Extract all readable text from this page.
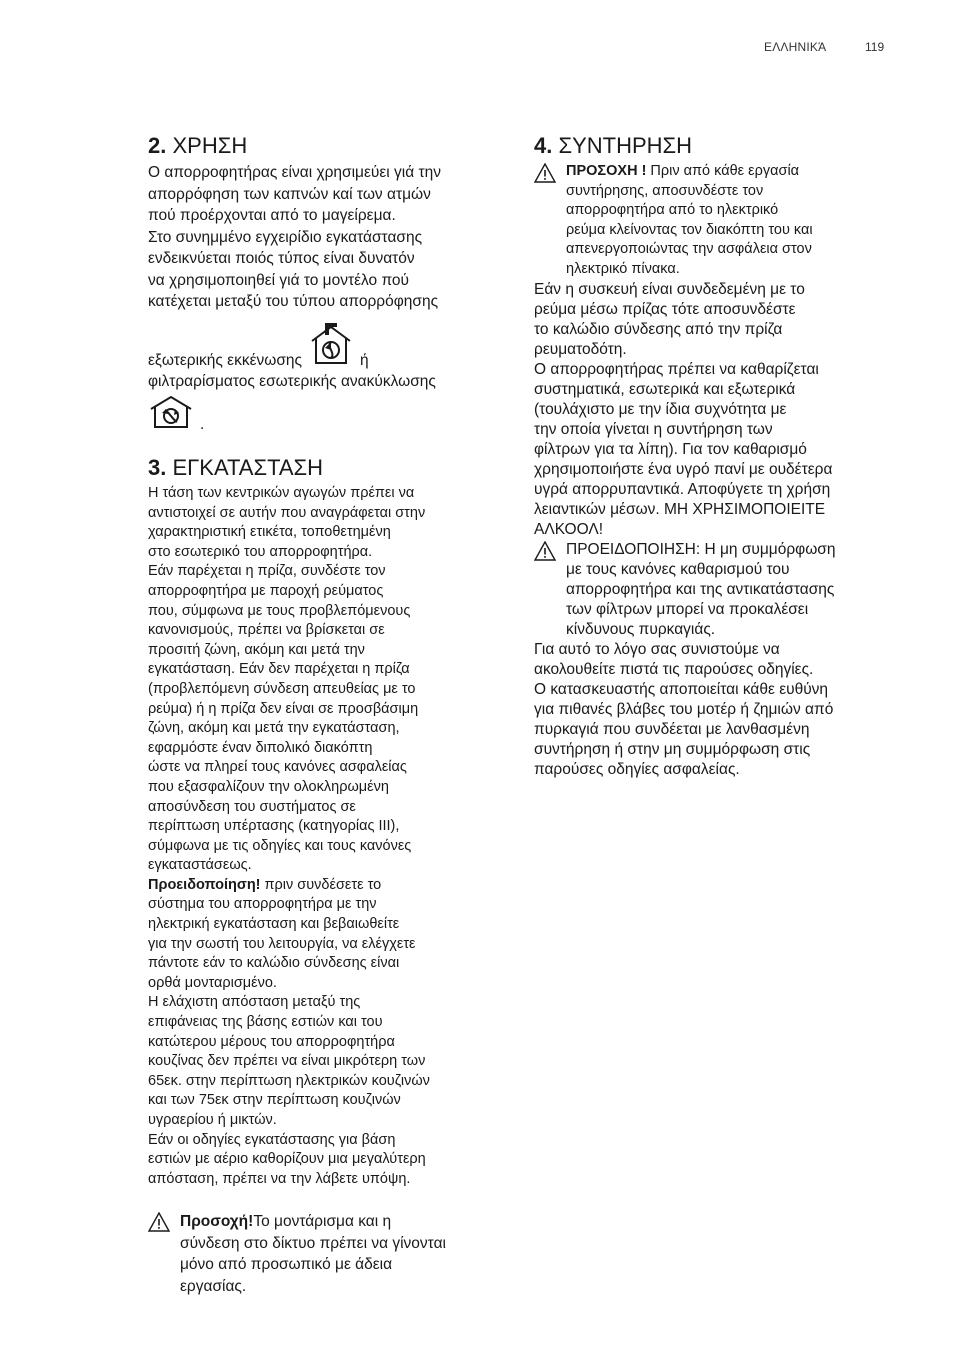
ΕΛΛΗΝΙΚΆ	119
2. ΧΡΗΣΗ

Ο απορροφητήρας είναι χρησιμεύει γιά την

απορρόφηση των καπνών καί των ατμών

πού προέρχονται από το μαγείρεμα.

Στο συνημμένο εγχειρίδιο εγκατάστασης

ενδεικνύεται ποιός τύπος είναι δυνατόν

να χρησιμοποιηθεί γιά το μοντέλο πού

κατέχεται μεταξύ του τύπου απορρόφησης

εξωτερικής εκκένωσης	ή

φιλτραρίσματος εσωτερικής ανακύκλωσης

.
3. ΕΓΚΑΤΑΣΤΑΣΗ

Η τάση των κεντρικών αγωγών πρέπει να

αντιστοιχεί σε αυτήν που αναγράφεται στην

χαρακτηριστική ετικέτα, τοποθετημένη

στο εσωτερικό του απορροφητήρα.

Εάν παρέχεται η πρίζα, συνδέστε τον

απορροφητήρα με παροχή ρεύματος

που, σύμφωνα με τους προβλεπόμενους

κανονισμούς, πρέπει να βρίσκεται σε

προσιτή ζώνη, ακόμη και μετά την

εγκατάσταση. Εάν δεν παρέχεται η πρίζα

(προβλεπόμενη σύνδεση απευθείας με το

ρεύμα) ή η πρίζα δεν είναι σε προσβάσιμη

ζώνη, ακόμη και μετά την εγκατάσταση,

εφαρμόστε έναν διπολικό διακόπτη

ώστε να πληρεί τους κανόνες ασφαλείας

που εξασφαλίζουν την ολοκληρωμένη

αποσύνδεση του συστήματος σε

περίπτωση υπέρτασης (κατηγορίας III),

σύμφωνα με τις οδηγίες και τους κανόνες

εγκαταστάσεως.

Προειδοποίηση! πριν συνδέσετε το

σύστημα του απορροφητήρα με την

ηλεκτρική εγκατάσταση και βεβαιωθείτε

για την σωστή του λειτουργία, να ελέγχετε

πάντοτε εάν το καλώδιο σύνδεσης είναι

ορθά μονταρισμένο.

Η ελάχιστη απόσταση μεταξύ της

επιφάνειας της βάσης εστιών και του

κατώτερου μέρους του απορροφητήρα

κουζίνας δεν πρέπει να είναι μικρότερη των

65εκ. στην περίπτωση ηλεκτρικών κουζινών

και των 75εκ στην περίπτωση κουζινών

υγραερίου ή μικτών.

Εάν οι οδηγίες εγκατάστασης για βάση

εστιών με αέριο καθορίζουν μια μεγαλύτερη

απόσταση, πρέπει να την λάβετε υπόψη.

Προσοχή!Το μοντάρισμα και η

σύνδεση στο δίκτυο πρέπει να γίνονται

μόνο από προσωπικό με άδεια

εργασίας.

4. ΣΥΝΤΗΡΗΣΗ

ΠΡΟΣΟΧΗ ! Πριν από κάθε εργασία

συντήρησης, αποσυνδέστε τον

απορροφητήρα από το ηλεκτρικό

ρεύμα κλείνοντας τον διακόπτη του και

απενεργοποιώντας την ασφάλεια στον

ηλεκτρικό πίνακα.

Εάν η συσκευή είναι συνδεδεμένη με το

ρεύμα μέσω πρίζας τότε αποσυνδέστε

το καλώδιο σύνδεσης από την πρίζα

ρευματοδότη.

Ο απορροφητήρας πρέπει να καθαρίζεται

συστηματικά, εσωτερικά και εξωτερικά

(τουλάχιστο με την ίδια συχνότητα με

την οποία γίνεται η συντήρηση των

φίλτρων για τα λίπη). Για τον καθαρισμό

χρησιμοποιήστε ένα υγρό πανί με ουδέτερα

υγρά απορρυπαντικά. Αποφύγετε τη χρήση

λειαντικών μέσων. ΜΗ ΧΡΗΣΙΜΟΠΟΙΕΙΤΕ

ΑΛΚΟΟΛ!

ΠΡΟΕΙΔΟΠΟΙΗΣΗ: Η μη συμμόρφωση

με τους κανόνες καθαρισμού του

απορροφητήρα και της αντικατάστασης

των φίλτρων μπορεί να προκαλέσει

κίνδυνους πυρκαγιάς.

Για αυτό το λόγο σας συνιστούμε να

ακολουθείτε πιστά τις παρούσες οδηγίες.

Ο κατασκευαστής αποποιείται κάθε ευθύνη

για πιθανές βλάβες του μοτέρ ή ζημιών από

πυρκαγιά που συνδέεται με λανθασμένη

συντήρηση ή στην μη συμμόρφωση στις

παρούσες οδηγίες ασφαλείας.
